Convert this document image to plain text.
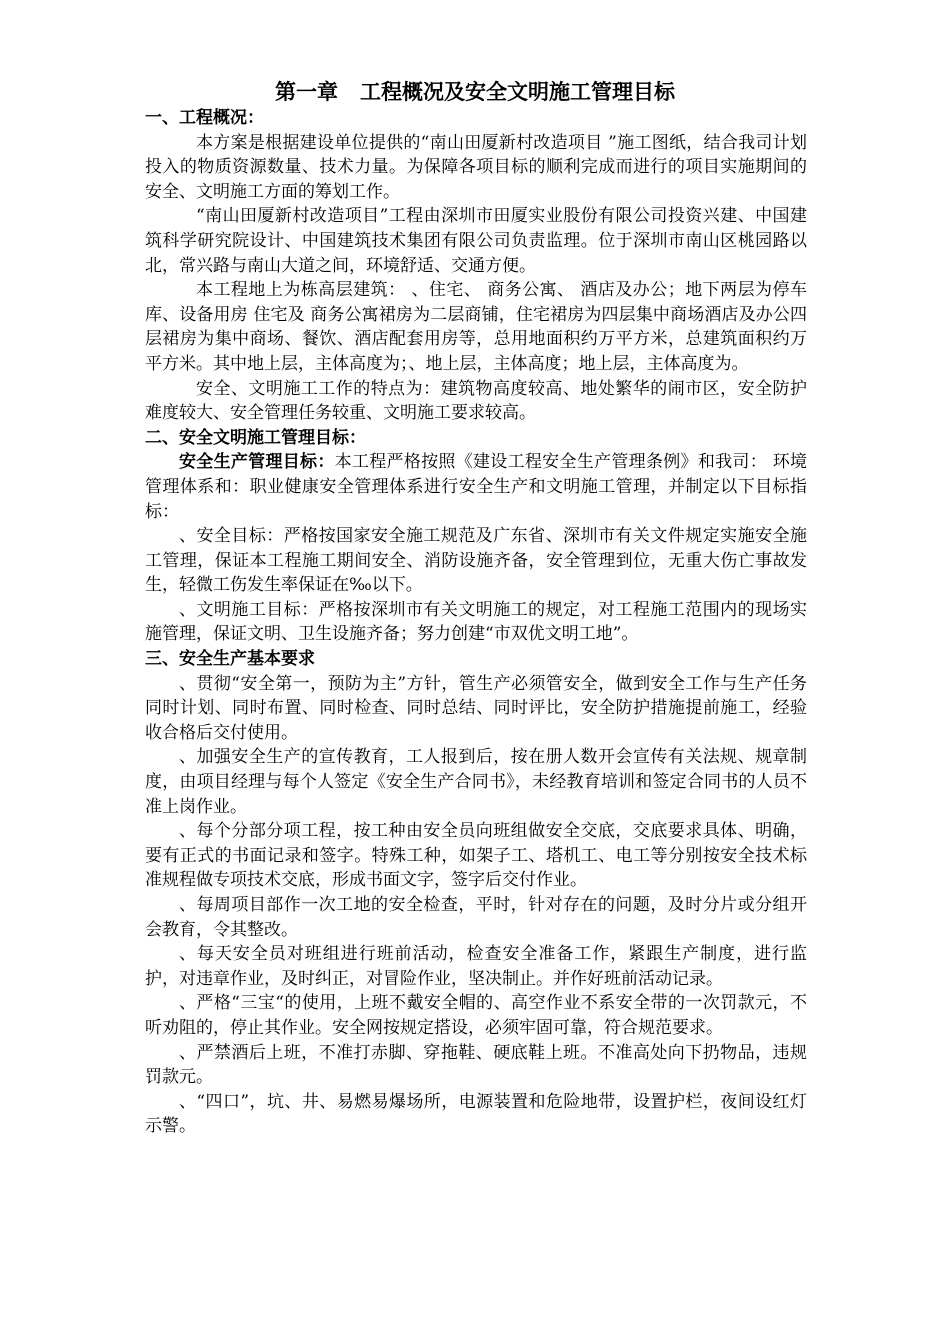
第一章   工程概况及安全文明施工管理目标
一、工程概况：

本方案是根据建设单位提供的“南山田厦新村改造项目 ”施工图纸，结合我司计划投入的物质资源数量、技术力量。为保障各项目标的顺利完成而进行的项目实施期间的安全、文明施工方面的筹划工作。

“南山田厦新村改造项目”工程由深圳市田厦实业股份有限公司投资兴建、中国建筑科学研究院设计、中国建筑技术集团有限公司负责监理。位于深圳市南山区桃园路以北，常兴路与南山大道之间，环境舒适、交通方便。

本工程地上为栋高层建筑： 、住宅、 商务公寓、 酒店及办公；地下两层为停车库、设备用房 住宅及 商务公寓裙房为二层商铺，住宅裙房为四层集中商场酒店及办公四层裙房为集中商场、餐饮、酒店配套用房等，总用地面积约万平方米，总建筑面积约万平方米。其中地上层，主体高度为；、地上层，主体高度；地上层，主体高度为。

安全、文明施工工作的特点为：建筑物高度较高、地处繁华的闹市区，安全防护难度较大、安全管理任务较重、文明施工要求较高。

二、安全文明施工管理目标：

安全生产管理目标：本工程严格按照《建设工程安全生产管理条例》和我司： 环境管理体系和：职业健康安全管理体系进行安全生产和文明施工管理，并制定以下目标指标：

、安全目标：严格按国家安全施工规范及广东省、深圳市有关文件规定实施安全施工管理，保证本工程施工期间安全、消防设施齐备，安全管理到位，无重大伤亡事故发生，轻微工伤发生率保证在‰以下。

、文明施工目标：严格按深圳市有关文明施工的规定，对工程施工范围内的现场实施管理，保证文明、卫生设施齐备；努力创建“市双优文明工地”。

三、安全生产基本要求

、贯彻“安全第一，预防为主”方针，管生产必须管安全，做到安全工作与生产任务同时计划、同时布置、同时检查、同时总结、同时评比，安全防护措施提前施工，经验收合格后交付使用。

、加强安全生产的宣传教育，工人报到后，按在册人数开会宣传有关法规、规章制度，由项目经理与每个人签定《安全生产合同书》，未经教育培训和签定合同书的人员不准上岗作业。

、每个分部分项工程，按工种由安全员向班组做安全交底，交底要求具体、明确，要有正式的书面记录和签字。特殊工种，如架子工、塔机工、电工等分别按安全技术标准规程做专项技术交底，形成书面文字，签字后交付作业。

、每周项目部作一次工地的安全检查，平时，针对存在的问题，及时分片或分组开会教育，令其整改。

、每天安全员对班组进行班前活动，检查安全准备工作，紧跟生产制度，进行监护，对违章作业，及时纠正，对冒险作业，坚决制止。并作好班前活动记录。

、严格“三宝“的使用，上班不戴安全帽的、高空作业不系安全带的一次罚款元，不听劝阻的，停止其作业。安全网按规定搭设，必须牢固可靠，符合规范要求。

、严禁酒后上班，不准打赤脚、穿拖鞋、硬底鞋上班。不准高处向下扔物品，违规罚款元。

、“四口”，坑、井、易燃易爆场所，电源装置和危险地带，设置护栏，夜间设红灯示警。
